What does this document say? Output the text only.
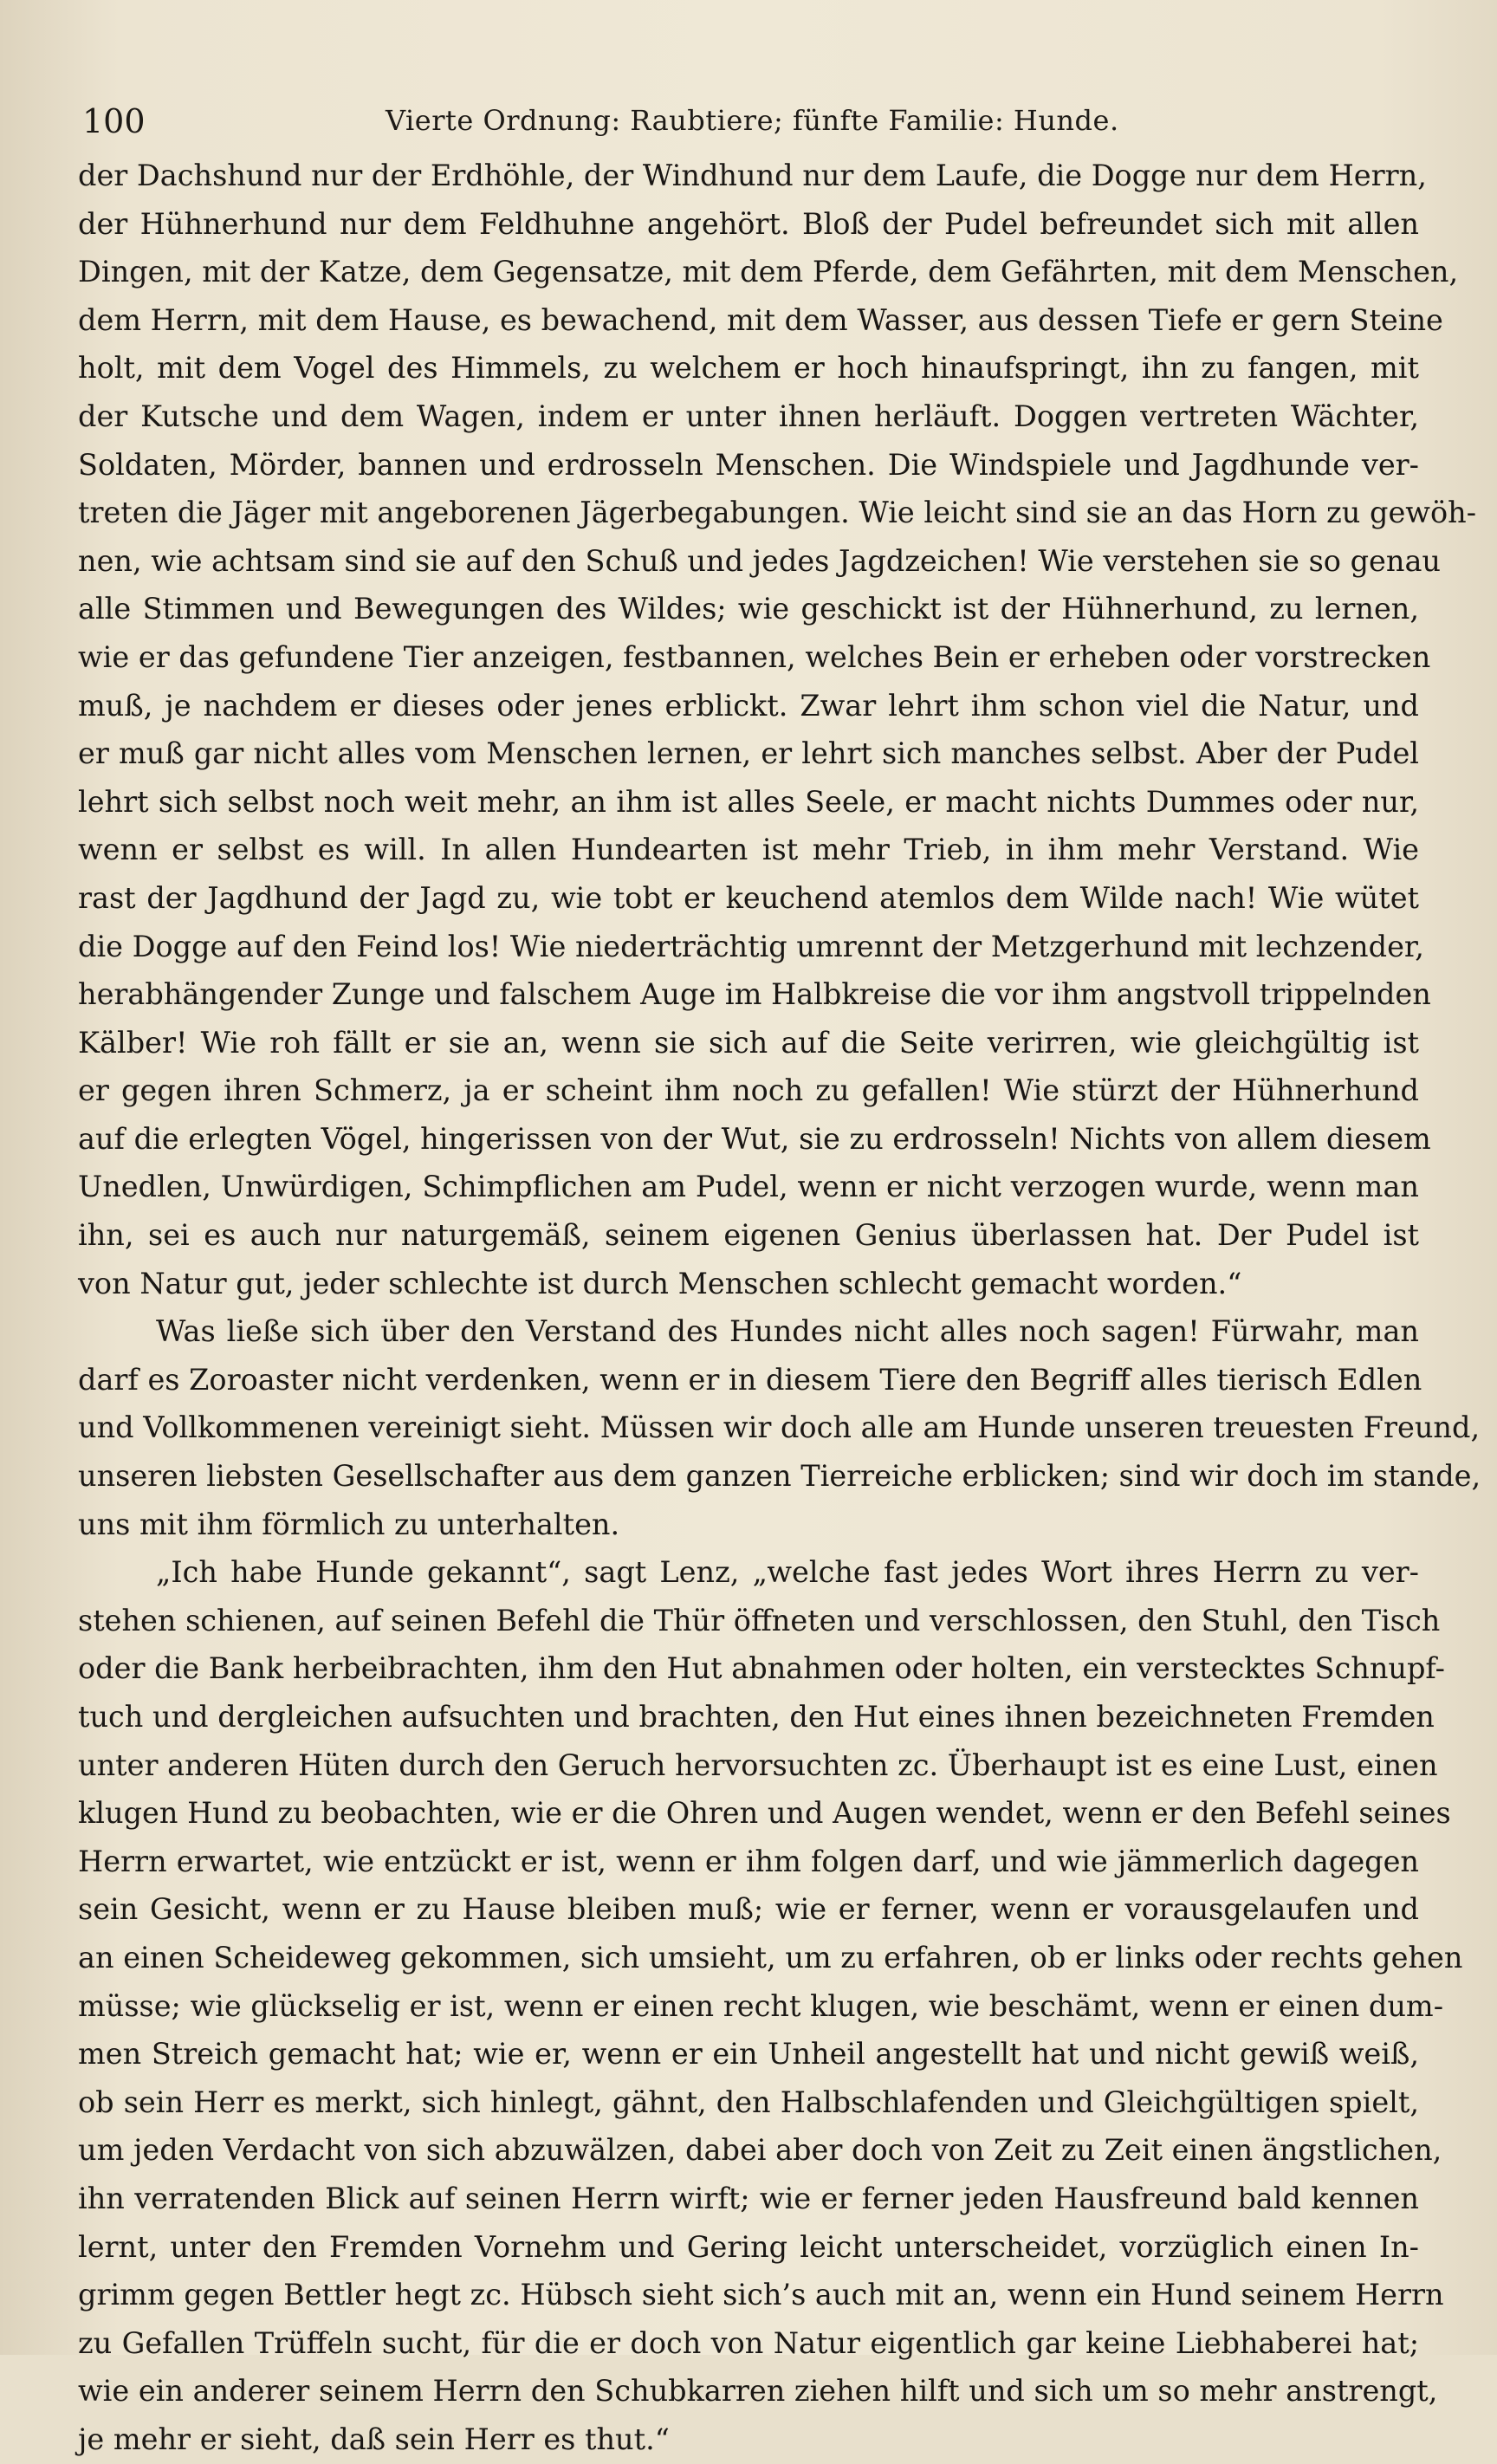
100	Vierte Ordnung: Raubtiere; fünfte Familie: Hunde.
der Dachshund nur der Erdhöhle, der Windhund nur dem Laufe, die Dogge nur dem Herrn,
der Hühnerhund nur dem Feldhuhne angehört. Bloß der Pudel befreundet sich mit allen
Dingen, mit der Katze, dem Gegensatze, mit dem Pferde, dem Gefährten, mit dem Menschen,
dem Herrn, mit dem Hause, es bewachend, mit dem Wasser, aus dessen Tiefe er gern Steine
holt, mit dem Vogel des Himmels, zu welchem er hoch hinaufspringt, ihn zu fangen, mit
der Kutsche und dem Wagen, indem er unter ihnen herläuft. Doggen vertreten Wächter,
Soldaten, Mörder, bannen und erdrosseln Menschen. Die Windspiele und Jagdhunde ver-
treten die Jäger mit angeborenen Jägerbegabungen. Wie leicht sind sie an das Horn zu gewöh-
nen, wie achtsam sind sie auf den Schuß und jedes Jagdzeichen! Wie verstehen sie so genau
alle Stimmen und Bewegungen des Wildes; wie geschickt ist der Hühnerhund, zu lernen,
wie er das gefundene Tier anzeigen, festbannen, welches Bein er erheben oder vorstrecken
muß, je nachdem er dieses oder jenes erblickt. Zwar lehrt ihm schon viel die Natur, und
er muß gar nicht alles vom Menschen lernen, er lehrt sich manches selbst. Aber der Pudel
lehrt sich selbst noch weit mehr, an ihm ist alles Seele, er macht nichts Dummes oder nur,
wenn er selbst es will. In allen Hundearten ist mehr Trieb, in ihm mehr Verstand. Wie
rast der Jagdhund der Jagd zu, wie tobt er keuchend atemlos dem Wilde nach! Wie wütet
die Dogge auf den Feind los! Wie niederträchtig umrennt der Metzgerhund mit lechzender,
herabhängender Zunge und falschem Auge im Halbkreise die vor ihm angstvoll trippelnden
Kälber! Wie roh fällt er sie an, wenn sie sich auf die Seite verirren, wie gleichgültig ist
er gegen ihren Schmerz, ja er scheint ihm noch zu gefallen! Wie stürzt der Hühnerhund
auf die erlegten Vögel, hingerissen von der Wut, sie zu erdrosseln! Nichts von allem diesem
Unedlen, Unwürdigen, Schimpflichen am Pudel, wenn er nicht verzogen wurde, wenn man
ihn, sei es auch nur naturgemäß, seinem eigenen Genius überlassen hat. Der Pudel ist
von Natur gut, jeder schlechte ist durch Menschen schlecht gemacht worden.“
Was ließe sich über den Verstand des Hundes nicht alles noch sagen! Fürwahr, man
darf es Zoroaster nicht verdenken, wenn er in diesem Tiere den Begriff alles tierisch Edlen
und Vollkommenen vereinigt sieht. Müssen wir doch alle am Hunde unseren treuesten Freund,
unseren liebsten Gesellschafter aus dem ganzen Tierreiche erblicken; sind wir doch im stande,
uns mit ihm förmlich zu unterhalten.
„Ich habe Hunde gekannt“, sagt Lenz, „welche fast jedes Wort ihres Herrn zu ver-
stehen schienen, auf seinen Befehl die Thür öffneten und verschlossen, den Stuhl, den Tisch
oder die Bank herbeibrachten, ihm den Hut abnahmen oder holten, ein verstecktes Schnupf-
tuch und dergleichen aufsuchten und brachten, den Hut eines ihnen bezeichneten Fremden
unter anderen Hüten durch den Geruch hervorsuchten zc. Überhaupt ist es eine Lust, einen
klugen Hund zu beobachten, wie er die Ohren und Augen wendet, wenn er den Befehl seines
Herrn erwartet, wie entzückt er ist, wenn er ihm folgen darf, und wie jämmerlich dagegen
sein Gesicht, wenn er zu Hause bleiben muß; wie er ferner, wenn er vorausgelaufen und
an einen Scheideweg gekommen, sich umsieht, um zu erfahren, ob er links oder rechts gehen
müsse; wie glückselig er ist, wenn er einen recht klugen, wie beschämt, wenn er einen dum-
men Streich gemacht hat; wie er, wenn er ein Unheil angestellt hat und nicht gewiß weiß,
ob sein Herr es merkt, sich hinlegt, gähnt, den Halbschlafenden und Gleichgültigen spielt,
um jeden Verdacht von sich abzuwälzen, dabei aber doch von Zeit zu Zeit einen ängstlichen,
ihn verratenden Blick auf seinen Herrn wirft; wie er ferner jeden Hausfreund bald kennen
lernt, unter den Fremden Vornehm und Gering leicht unterscheidet, vorzüglich einen In-
grimm gegen Bettler hegt zc. Hübsch sieht sich’s auch mit an, wenn ein Hund seinem Herrn
zu Gefallen Trüffeln sucht, für die er doch von Natur eigentlich gar keine Liebhaberei hat;
wie ein anderer seinem Herrn den Schubkarren ziehen hilft und sich um so mehr anstrengt,
je mehr er sieht, daß sein Herr es thut.“
